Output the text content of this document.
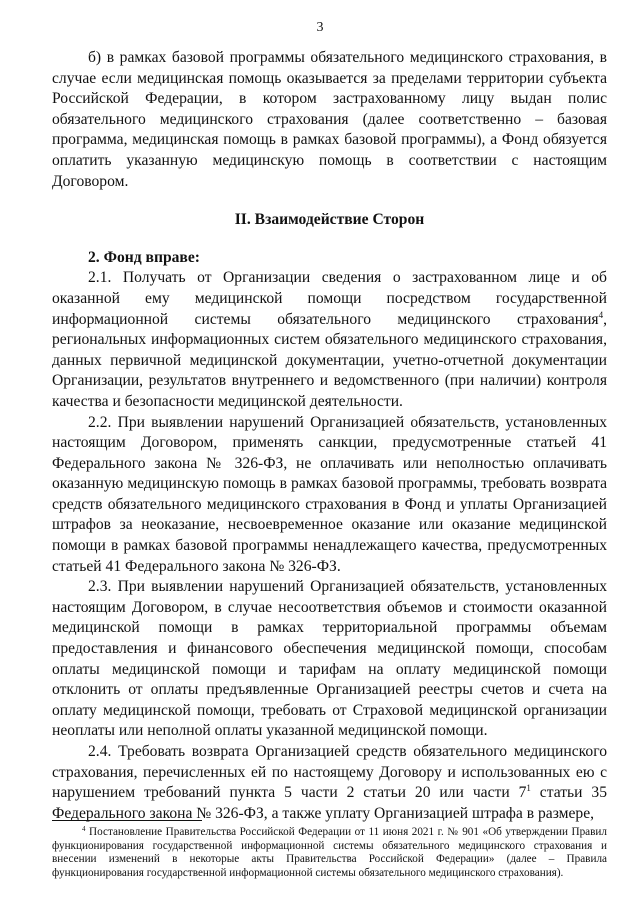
3

б) в рамках базовой программы обязательного медицинского страхования, в случае если медицинская помощь оказывается за пределами территории субъекта Российской Федерации, в котором застрахованному лицу выдан полис обязательного медицинского страхования (далее соответственно – базовая программа, медицинская помощь в рамках базовой программы), а Фонд обязуется оплатить указанную медицинскую помощь в соответствии с настоящим Договором.

II. Взаимодействие Сторон

2. Фонд вправе:

2.1. Получать от Организации сведения о застрахованном лице и об оказанной ему медицинской помощи посредством государственной информационной системы обязательного медицинского страхования$^4$, региональных информационных систем обязательного медицинского страхования, данных первичной медицинской документации, учетно-отчетной документации Организации, результатов внутреннего и ведомственного (при наличии) контроля качества и безопасности медицинской деятельности.

2.2. При выявлении нарушений Организацией обязательств, установленных настоящим Договором, применять санкции, предусмотренные статьей 41 Федерального закона № 326-ФЗ, не оплачивать или неполностью оплачивать оказанную медицинскую помощь в рамках базовой программы, требовать возврата средств обязательного медицинского страхования в Фонд и уплаты Организацией штрафов за неоказание, несвоевременное оказание или оказание медицинской помощи в рамках базовой программы ненадлежащего качества, предусмотренных статьей 41 Федерального закона № 326-ФЗ.

2.3. При выявлении нарушений Организацией обязательств, установленных настоящим Договором, в случае несоответствия объемов и стоимости оказанной медицинской помощи в рамках территориальной программы объемам предоставления и финансового обеспечения медицинской помощи, способам оплаты медицинской помощи и тарифам на оплату медицинской помощи отклонить от оплаты предъявленные Организацией реестры счетов и счета на оплату медицинской помощи, требовать от Страховой медицинской организации неоплаты или неполной оплаты указанной медицинской помощи.

2.4. Требовать возврата Организацией средств обязательного медицинского страхования, перечисленных ей по настоящему Договору и использованных ею с нарушением требований пункта 5 части 2 статьи 20 или части $7^1$ статьи 35 Федерального закона № 326-ФЗ, а также уплату Организацией штрафа в размере,

$^4$ Постановление Правительства Российской Федерации от 11 июня 2021 г. № 901 «Об утверждении Правил функционирования государственной информационной системы обязательного медицинского страхования и внесении изменений в некоторые акты Правительства Российской Федерации» (далее – Правила функционирования государственной информационной системы обязательного медицинского страхования).
